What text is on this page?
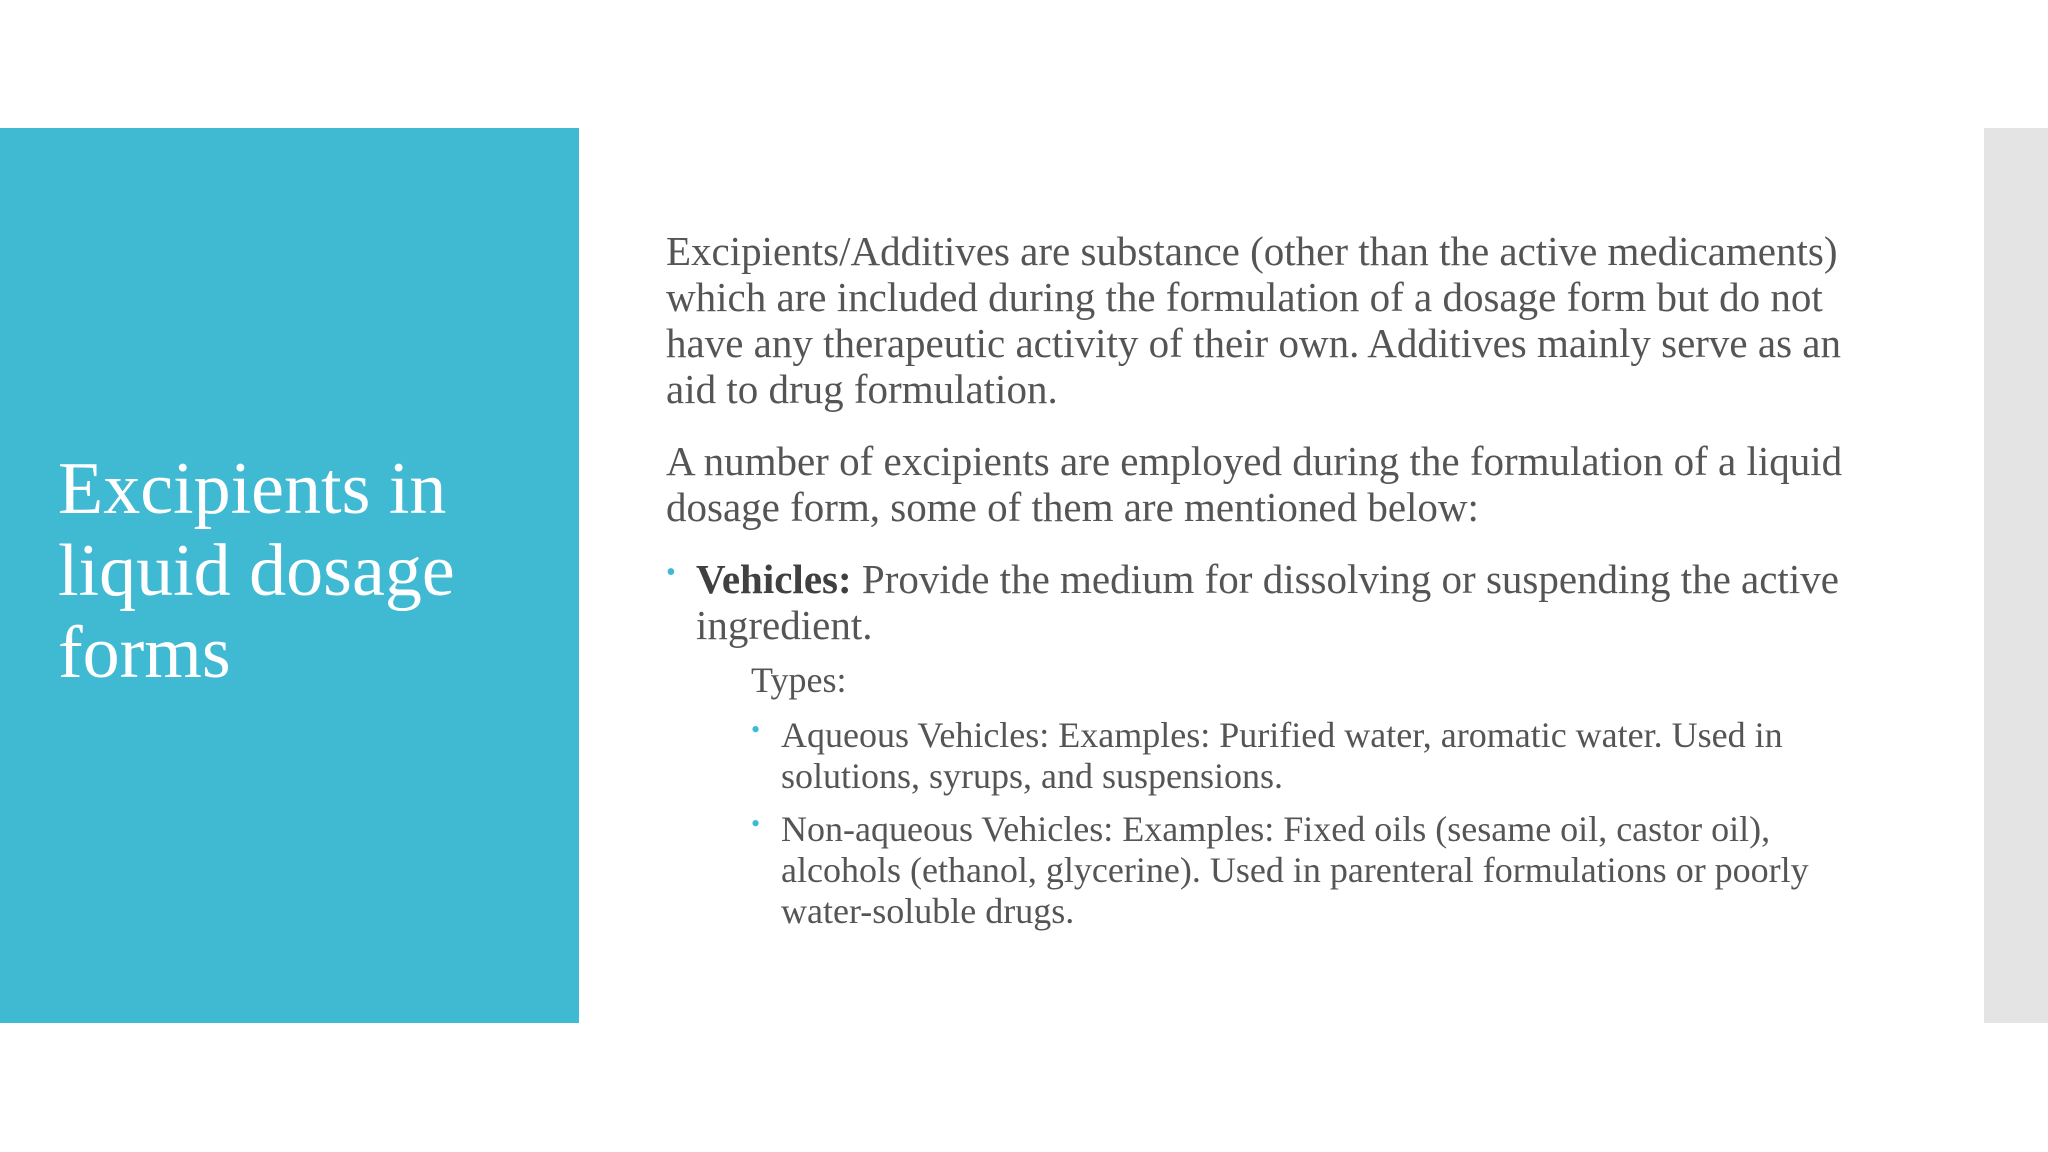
Excipients in liquid dosage forms

Excipients/Additives are substance (other than the active medicaments) which are included during the formulation of a dosage form but do not have any therapeutic activity of their own. Additives mainly serve as an aid to drug formulation.

A number of excipients are employed during the formulation of a liquid dosage form, some of them are mentioned below:

• Vehicles: Provide the medium for dissolving or suspending the active ingredient.
Types:
• Aqueous Vehicles: Examples: Purified water, aromatic water. Used in solutions, syrups, and suspensions.
• Non-aqueous Vehicles: Examples: Fixed oils (sesame oil, castor oil), alcohols (ethanol, glycerine). Used in parenteral formulations or poorly water-soluble drugs.
